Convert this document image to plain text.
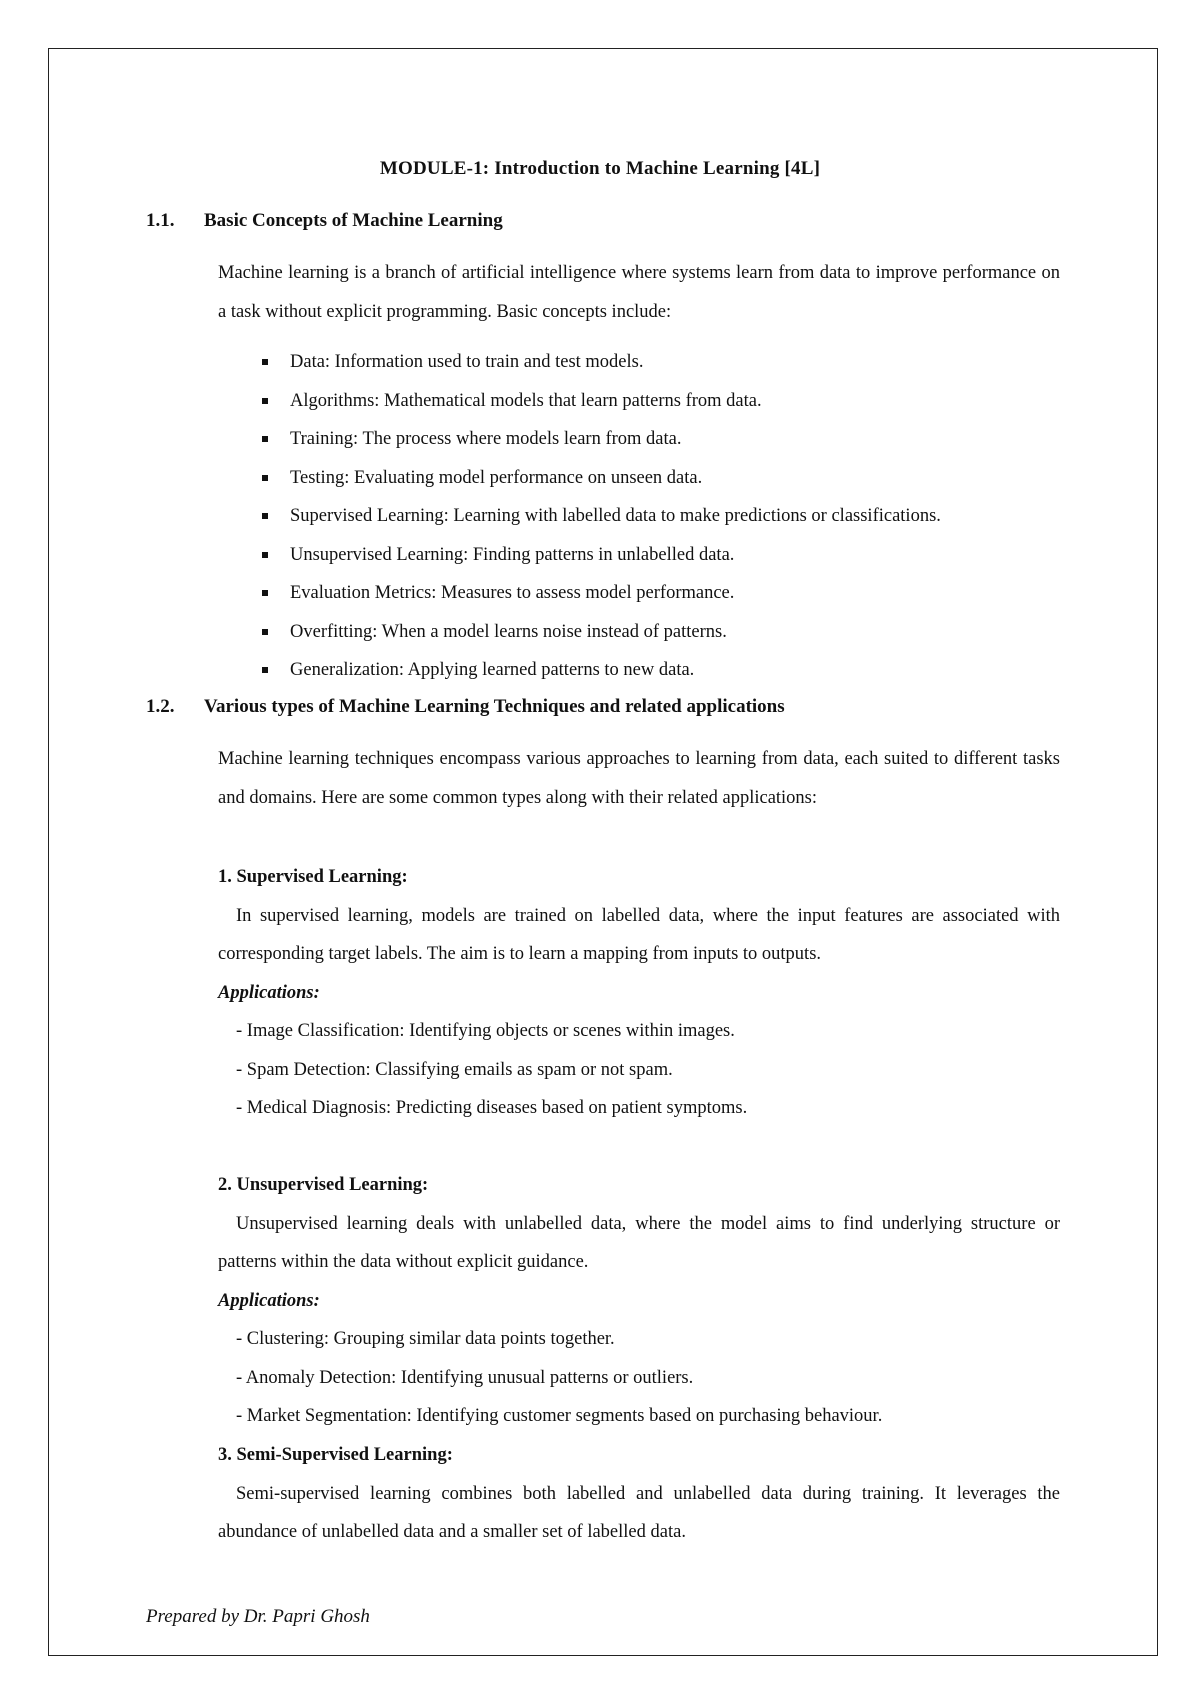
MODULE-1: Introduction to Machine Learning [4L]
1.1. Basic Concepts of Machine Learning
Machine learning is a branch of artificial intelligence where systems learn from data to improve performance on a task without explicit programming. Basic concepts include:
Data: Information used to train and test models.
Algorithms: Mathematical models that learn patterns from data.
Training: The process where models learn from data.
Testing: Evaluating model performance on unseen data.
Supervised Learning: Learning with labelled data to make predictions or classifications.
Unsupervised Learning: Finding patterns in unlabelled data.
Evaluation Metrics: Measures to assess model performance.
Overfitting: When a model learns noise instead of patterns.
Generalization: Applying learned patterns to new data.
1.2. Various types of Machine Learning Techniques and related applications
Machine learning techniques encompass various approaches to learning from data, each suited to different tasks and domains. Here are some common types along with their related applications:
1. Supervised Learning:
In supervised learning, models are trained on labelled data, where the input features are associated with corresponding target labels. The aim is to learn a mapping from inputs to outputs.
Applications:
- Image Classification: Identifying objects or scenes within images.
- Spam Detection: Classifying emails as spam or not spam.
- Medical Diagnosis: Predicting diseases based on patient symptoms.
2. Unsupervised Learning:
Unsupervised learning deals with unlabelled data, where the model aims to find underlying structure or patterns within the data without explicit guidance.
Applications:
- Clustering: Grouping similar data points together.
- Anomaly Detection: Identifying unusual patterns or outliers.
- Market Segmentation: Identifying customer segments based on purchasing behaviour.
3. Semi-Supervised Learning:
Semi-supervised learning combines both labelled and unlabelled data during training. It leverages the abundance of unlabelled data and a smaller set of labelled data.
Prepared by Dr. Papri Ghosh
